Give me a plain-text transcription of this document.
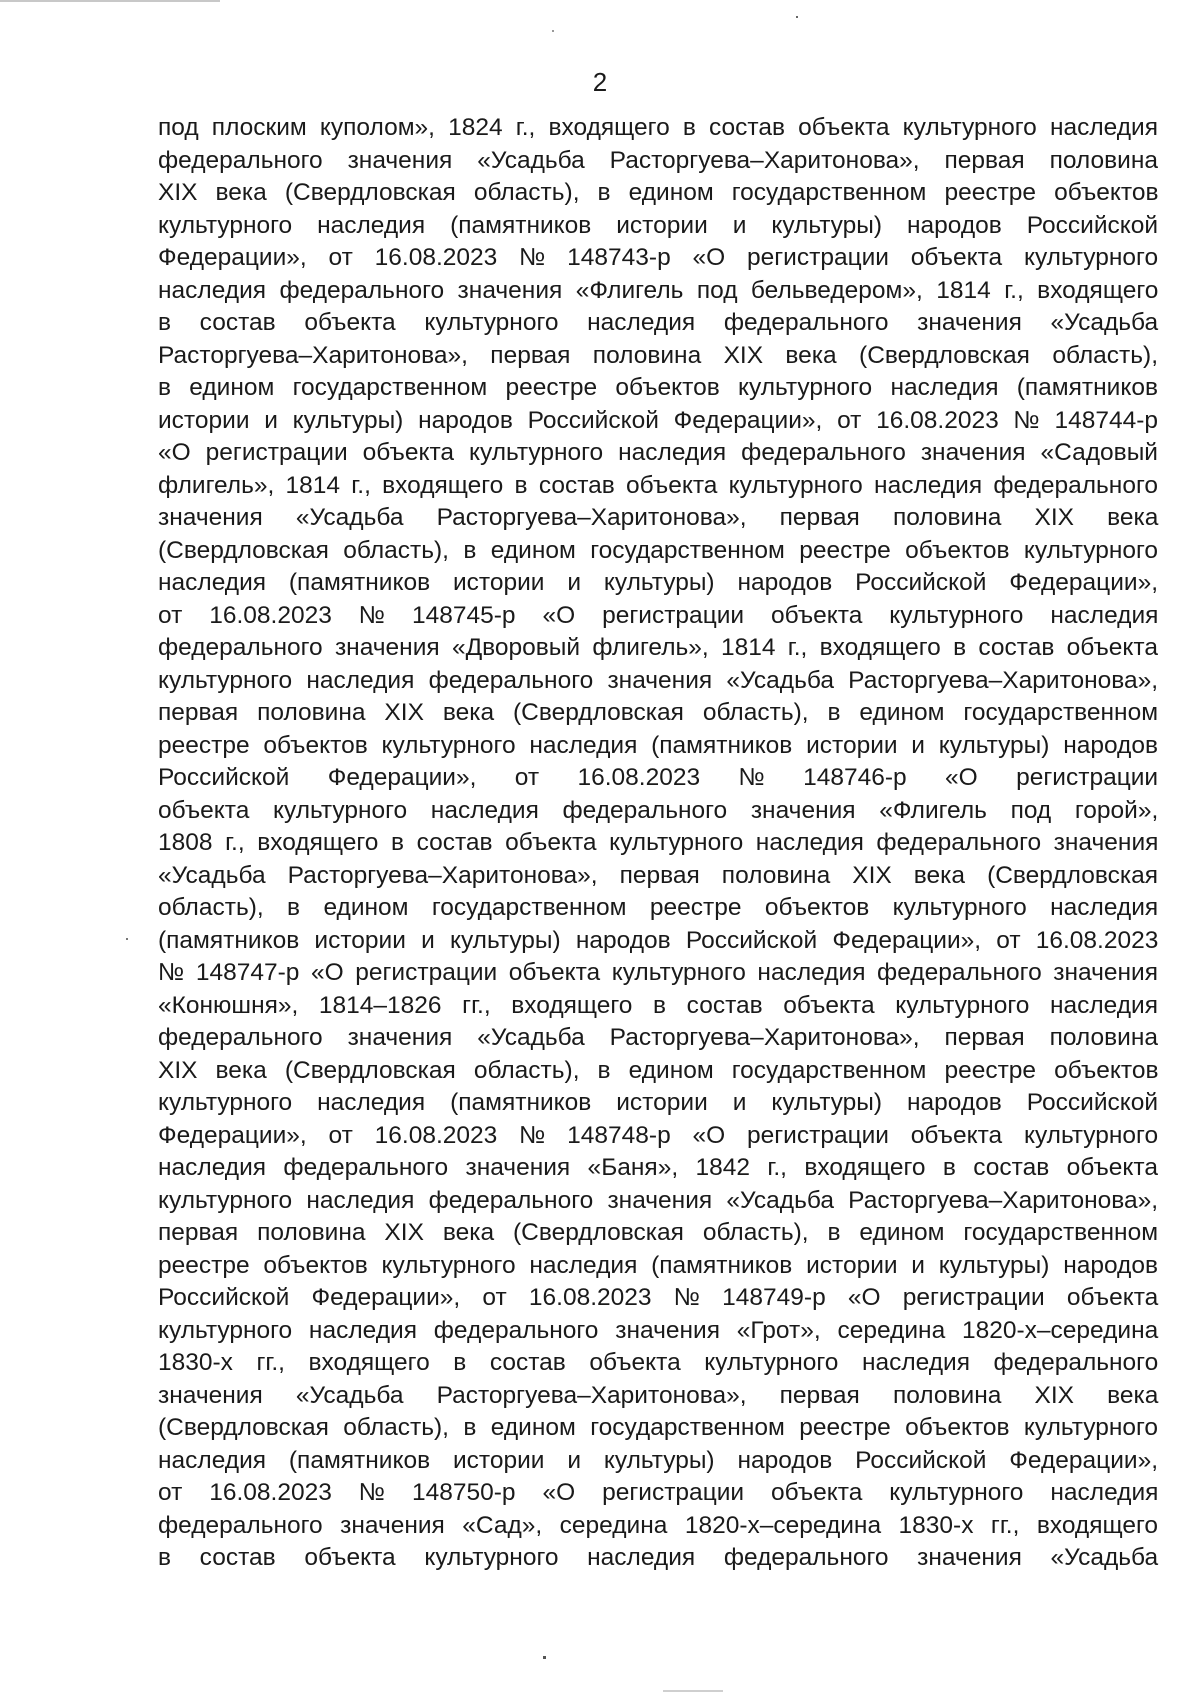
2
под плоским куполом», 1824 г., входящего в состав объекта культурного наследия
федерального значения «Усадьба Расторгуева–Харитонова», первая половина
XIX века (Свердловская область), в едином государственном реестре объектов
культурного наследия (памятников истории и культуры) народов Российской
Федерации», от 16.08.2023 № 148743-р «О регистрации объекта культурного
наследия федерального значения «Флигель под бельведером», 1814 г., входящего
в состав объекта культурного наследия федерального значения «Усадьба
Расторгуева–Харитонова», первая половина XIX века (Свердловская область),
в едином государственном реестре объектов культурного наследия (памятников
истории и культуры) народов Российской Федерации», от 16.08.2023 № 148744-р
«О регистрации объекта культурного наследия федерального значения «Садовый
флигель», 1814 г., входящего в состав объекта культурного наследия федерального
значения «Усадьба Расторгуева–Харитонова», первая половина XIX века
(Свердловская область), в едином государственном реестре объектов культурного
наследия (памятников истории и культуры) народов Российской Федерации»,
от 16.08.2023 № 148745-р «О регистрации объекта культурного наследия
федерального значения «Дворовый флигель», 1814 г., входящего в состав объекта
культурного наследия федерального значения «Усадьба Расторгуева–Харитонова»,
первая половина XIX века (Свердловская область), в едином государственном
реестре объектов культурного наследия (памятников истории и культуры) народов
Российской Федерации», от 16.08.2023 № 148746-р «О регистрации
объекта культурного наследия федерального значения «Флигель под горой»,
1808 г., входящего в состав объекта культурного наследия федерального значения
«Усадьба Расторгуева–Харитонова», первая половина XIX века (Свердловская
область), в едином государственном реестре объектов культурного наследия
(памятников истории и культуры) народов Российской Федерации», от 16.08.2023
№ 148747-р «О регистрации объекта культурного наследия федерального значения
«Конюшня», 1814–1826 гг., входящего в состав объекта культурного наследия
федерального значения «Усадьба Расторгуева–Харитонова», первая половина
XIX века (Свердловская область), в едином государственном реестре объектов
культурного наследия (памятников истории и культуры) народов Российской
Федерации», от 16.08.2023 № 148748-р «О регистрации объекта культурного
наследия федерального значения «Баня», 1842 г., входящего в состав объекта
культурного наследия федерального значения «Усадьба Расторгуева–Харитонова»,
первая половина XIX века (Свердловская область), в едином государственном
реестре объектов культурного наследия (памятников истории и культуры) народов
Российской Федерации», от 16.08.2023 № 148749-р «О регистрации объекта
культурного наследия федерального значения «Грот», середина 1820-х–середина
1830-х гг., входящего в состав объекта культурного наследия федерального
значения «Усадьба Расторгуева–Харитонова», первая половина XIX века
(Свердловская область), в едином государственном реестре объектов культурного
наследия (памятников истории и культуры) народов Российской Федерации»,
от 16.08.2023 № 148750-р «О регистрации объекта культурного наследия
федерального значения «Сад», середина 1820-х–середина 1830-х гг., входящего
в состав объекта культурного наследия федерального значения «Усадьба
